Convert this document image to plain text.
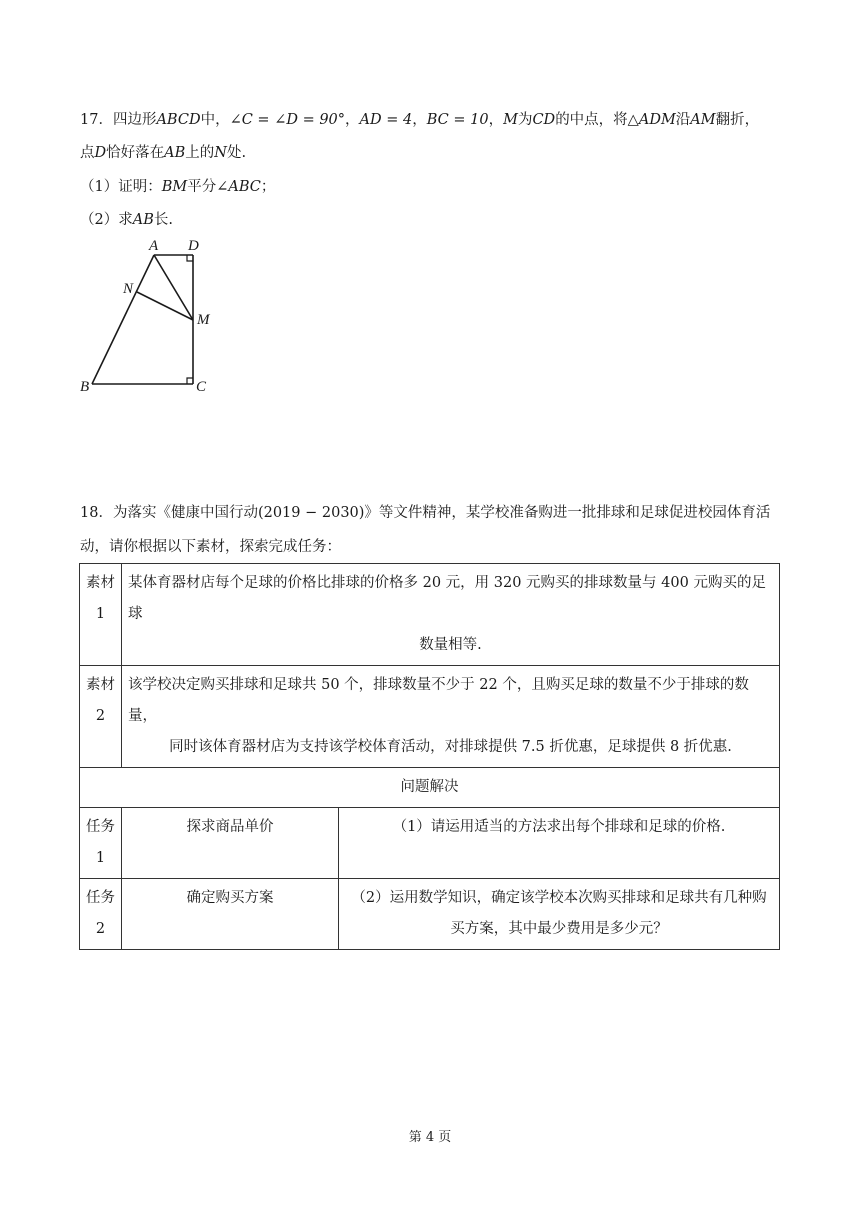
17．四边形ABCD中，∠C = ∠D = 90°，AD = 4，BC = 10，M为CD的中点，将△ADM沿AM翻折，
点D恰好落在AB上的N处.
（1）证明：BM平分∠ABC；
（2）求AB长.
A D
N
M
B	C
18．为落实《健康中国行动(2019 − 2030)》等文件精神，某学校准备购进一批排球和足球促进校园体育活
动，请你根据以下素材，探索完成任务：
素材 1	某体育器材店每个足球的价格比排球的价格多 20 元，用 320 元购买的排球数量与 400 元购买的足球
数量相等.	

素材 2	该学校决定购买排球和足球共 50 个，排球数量不少于 22 个，且购买足球的数量不少于排球的数量，
同时该体育器材店为支持该学校体育活动，对排球提供 7.5 折优惠，足球提供 8 折优惠.	

问题解决		
任务 1	探求商品单价	（1）请运用适当的方法求出每个排球和足球的价格.
任务 2	确定购买方案	（2）运用数学知识，确定该学校本次购买排球和足球共有几种购
买方案，其中最少费用是多少元？
第 4 页
